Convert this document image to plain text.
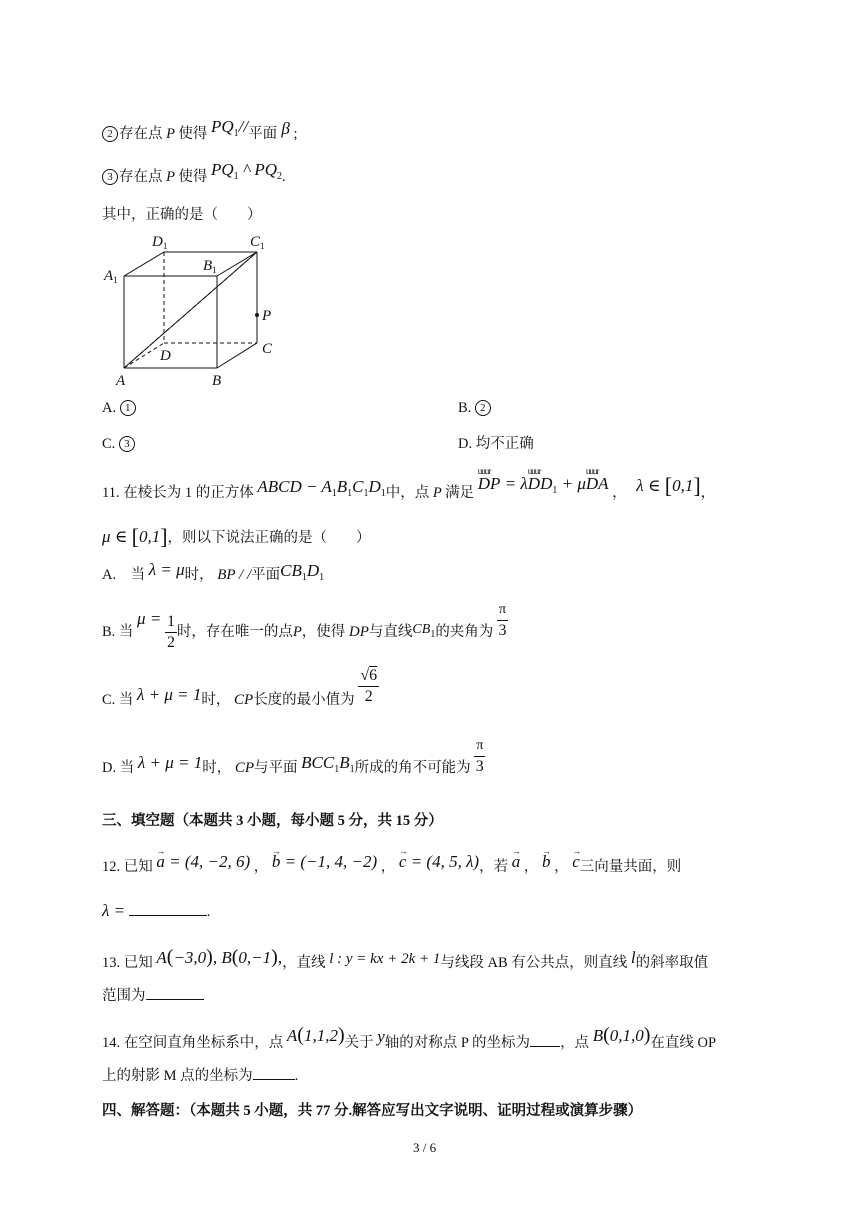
2 存在点 P 使得 $PQ_1//$平面 β ;
3 存在点 P 使得 $PQ_1$ ^ $PQ_2$.
其中，正确的是（　　）
$D_1$	$C_1$
$A_1$
$B_1$
P
D	C
A	B
A. 1	B. 2
C. 3	D. 均不正确
11. 在棱长为 1 的正方体 ABCD − $A_1B_1C_1D_1$中，点 P 满足 uuur DP = λuuur $DD_1$ + μuuur DA ， λ ∈ [0,1]，
μ ∈ [0,1]，则以下说法正确的是（　　）
A.　当 λ = μ时， BP / /平面$CB_1D_1$
B. 当 $\mu = \frac{1}{2}$ 时，存在唯一的点P，使得 DP与直线$CB_1$的夹角为 $\frac{\pi}{3}$
C. 当 λ + μ = 1时， CP长度的最小值为 $\frac{√6}{2}$
D. 当 λ + μ = 1时， CP与平面 $BCC_1B_1$所成的角不可能为 $\frac{\pi}{3}$
三、填空题（本题共 3 小题，每小题 5 分，共 15 分）
12. 已知 → a = (4, −2, 6) ， → b = (−1, 4, −2) ， → c = (4, 5, λ)，若 → a ， → b ， → c三向量共面，则
λ =	.
13. 已知 A(−3,0), B(0,−1),，直线 l : y = kx + 2k + 1与线段 AB 有公共点，则直线 l的斜率取值
范围为
14. 在空间直角坐标系中，点 A(1,1,2)关于 y轴的对称点 P 的坐标为 ，点 B(0,1,0)在直线 OP
上的射影 M 点的坐标为	.
四、解答题：（本题共 5 小题，共 77 分.解答应写出文字说明、证明过程或演算步骤）
3 / 6
